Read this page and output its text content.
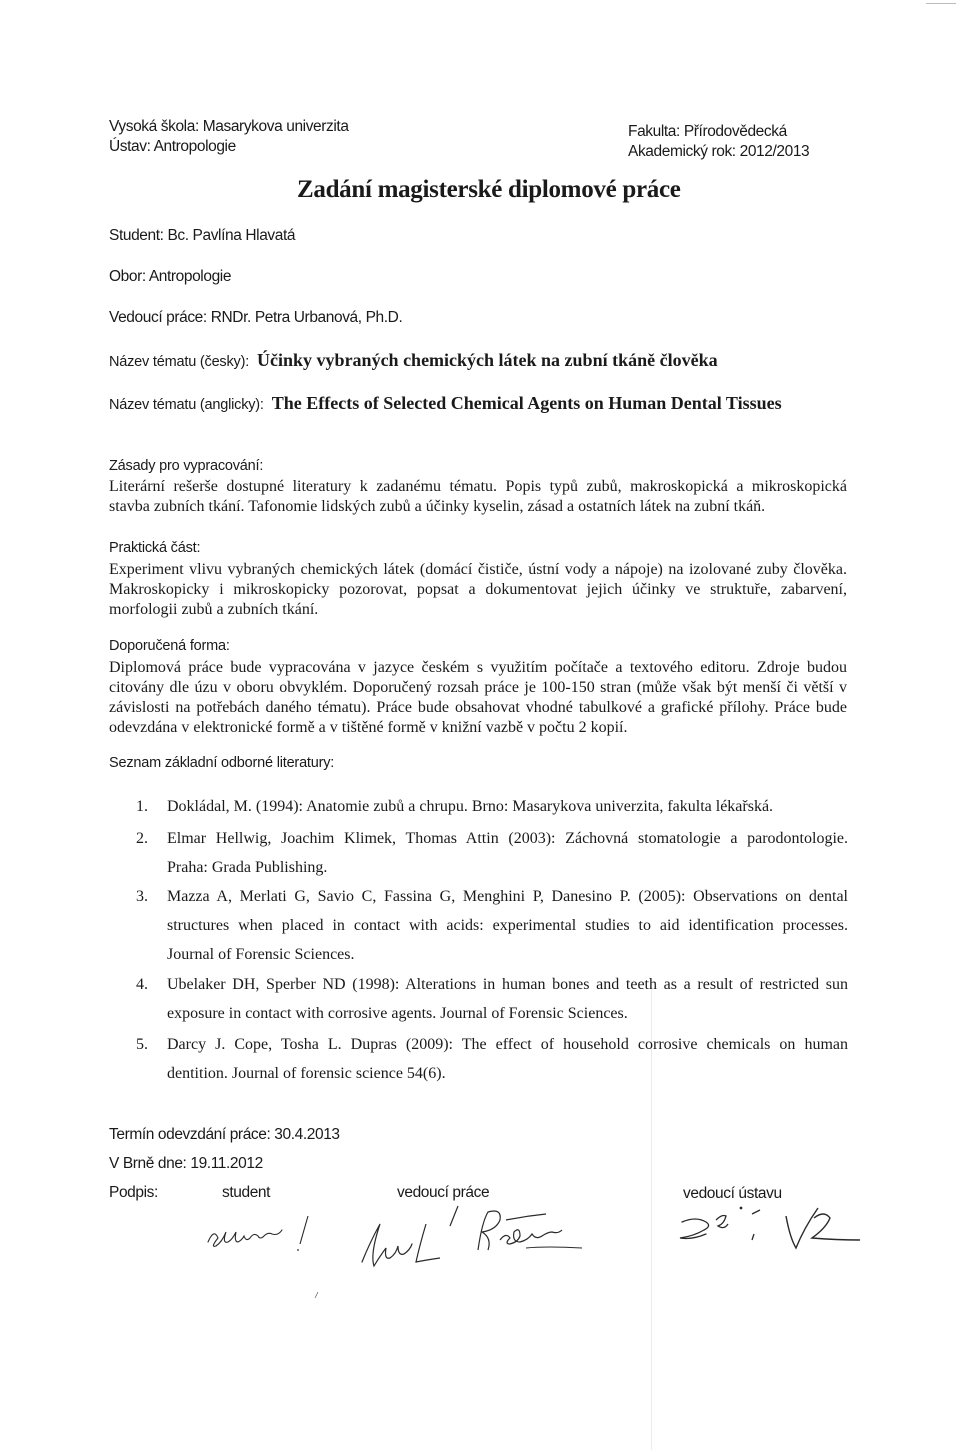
Vysoká škola: Masarykova univerzita
Ústav: Antropologie
Fakulta: Přírodovědecká
Akademický rok: 2012/2013
Zadání magisterské diplomové práce
Student: Bc. Pavlína Hlavatá
Obor: Antropologie
Vedoucí práce: RNDr. Petra Urbanová, Ph.D.
Název tématu (česky): Účinky vybraných chemických látek na zubní tkáně člověka
Název tématu (anglicky): The Effects of Selected Chemical Agents on Human Dental Tissues
Zásady pro vypracování:
Literární rešerše dostupné literatury k zadanému tématu. Popis typů zubů, makroskopická a mikroskopická
stavba zubních tkání. Tafonomie lidských zubů a účinky kyselin, zásad a ostatních látek na zubní tkáň.
Praktická část:
Experiment vlivu vybraných chemických látek (domácí čističe, ústní vody a nápoje) na izolované zuby člověka.
Makroskopicky i mikroskopicky pozorovat, popsat a dokumentovat jejich účinky ve struktuře, zabarvení,
morfologii zubů a zubních tkání.
Doporučená forma:
Diplomová práce bude vypracována v jazyce českém s využitím počítače a textového editoru. Zdroje budou
citovány dle úzu v oboru obvyklém. Doporučený rozsah práce je 100-150 stran (může však být menší či větší v
závislosti na potřebách daného tématu). Práce bude obsahovat vhodné tabulkové a grafické přílohy. Práce bude
odevzdána v elektronické formě a v tištěné formě v knižní vazbě v počtu 2 kopií.
Seznam základní odborné literatury:
1.	Dokládal, M. (1994): Anatomie zubů a chrupu. Brno: Masarykova univerzita, fakulta lékařská.
2.	Elmar Hellwig, Joachim Klimek, Thomas Attin (2003): Záchovná stomatologie a parodontologie.
Praha: Grada Publishing.
3.	Mazza A, Merlati G, Savio C, Fassina G, Menghini P, Danesino P. (2005): Observations on dental
structures when placed in contact with acids: experimental studies to aid identification processes.
Journal of Forensic Sciences.
4.	Ubelaker DH, Sperber ND (1998): Alterations in human bones and teeth as a result of restricted sun
exposure in contact with corrosive agents. Journal of Forensic Sciences.
5.	Darcy J. Cope, Tosha L. Dupras (2009): The effect of household corrosive chemicals on human
dentition. Journal of forensic science 54(6).
Termín odevzdání práce: 30.4.2013
V Brně dne: 19.11.2012
Podpis:	student	vedoucí práce	vedoucí ústavu
